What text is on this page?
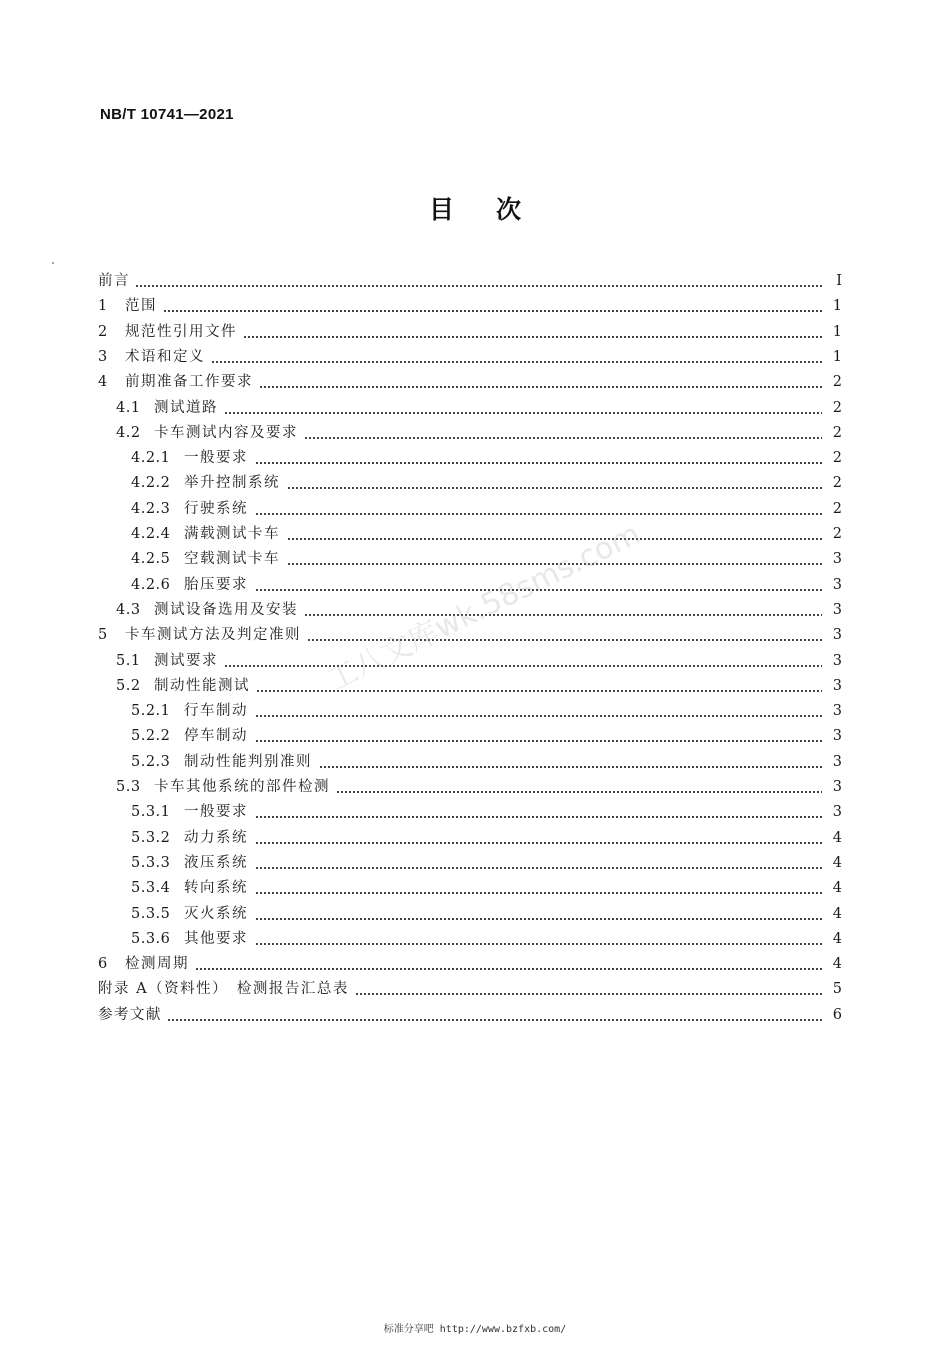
NB/T 10741—2021
目次
前言	Ⅰ
1 范围	1
2 规范性引用文件	1
3 术语和定义	1
4 前期准备工作要求	2
4.1 测试道路	2
4.2 卡车测试内容及要求	2
4.2.1 一般要求	2
4.2.2 举升控制系统	2
4.2.3 行驶系统	2
4.2.4 满载测试卡车	2
4.2.5 空载测试卡车	3
4.2.6 胎压要求	3
4.3 测试设备选用及安装	3
5 卡车测试方法及判定准则	3
5.1 测试要求	3
5.2 制动性能测试	3
5.2.1 行车制动	3
5.2.2 停车制动	3
5.2.3 制动性能判别准则	3
5.3 卡车其他系统的部件检测	3
5.3.1 一般要求	3
5.3.2 动力系统	4
5.3.3 液压系统	4
5.3.4 转向系统	4
5.3.5 灭火系统	4
5.3.6 其他要求	4
6 检测周期	4
附录 A（资料性）　检测报告汇总表	5
参考文献	6
工八文库wk.58sms.com
标准分享吧 http://www.bzfxb.com/
